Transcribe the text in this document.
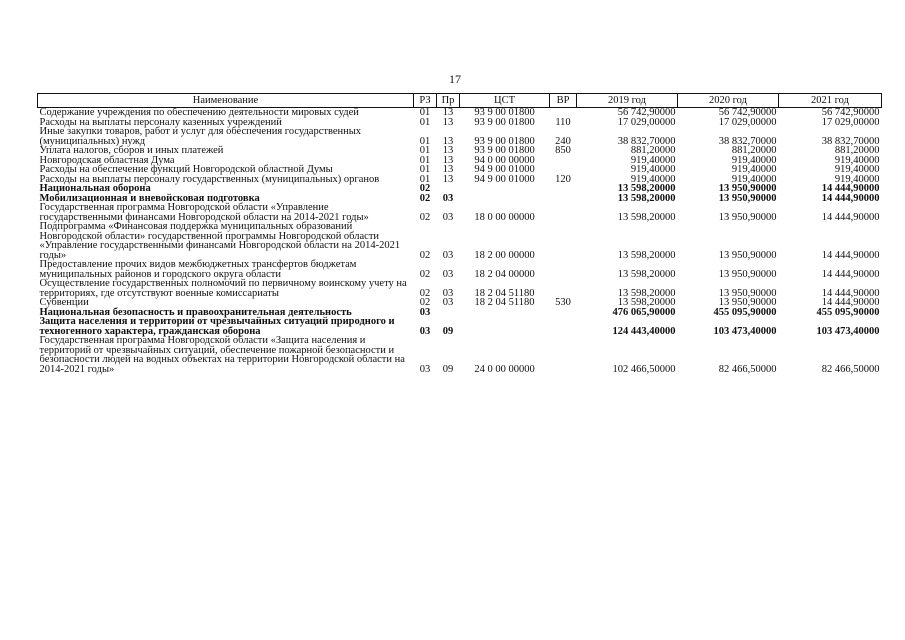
17
Наименование	РЗ	Пр	ЦСТ	ВР	2019 год	2020 год	2021 год
Содержание учреждения по обеспечению деятельности мировых судей	01	13	93 9 00 01800		56 742,90000	56 742,90000	56 742,90000
Расходы на выплаты персоналу казенных учреждений	01	13	93 9 00 01800	110	17 029,00000	17 029,00000	17 029,00000
Иные закупки товаров, работ и услуг для обеспечения государственных (муниципальных) нужд	01	13	93 9 00 01800	240	38 832,70000	38 832,70000	38 832,70000
Уплата налогов, сборов и иных платежей	01	13	93 9 00 01800	850	881,20000	881,20000	881,20000
Новгородская областная Дума	01	13	94 0 00 00000		919,40000	919,40000	919,40000
Расходы на обеспечение функций Новгородской областной Думы	01	13	94 9 00 01000		919,40000	919,40000	919,40000
Расходы на выплаты персоналу государственных (муниципальных) органов	01	13	94 9 00 01000	120	919,40000	919,40000	919,40000
Национальная оборона	02				13 598,20000	13 950,90000	14 444,90000
Мобилизационная и вневойсковая подготовка	02	03			13 598,20000	13 950,90000	14 444,90000
Государственная программа Новгородской области «Управление государственными финансами Новгородской области на 2014-2021 годы»	02	03	18 0 00 00000		13 598,20000	13 950,90000	14 444,90000
Подпрограмма «Финансовая поддержка муниципальных образований Новгородской области» государственной программы Новгородской области «Управление государственными финансами Новгородской области на 2014-2021 годы»	02	03	18 2 00 00000		13 598,20000	13 950,90000	14 444,90000
Предоставление прочих видов межбюджетных трансфертов бюджетам муниципальных районов и городского округа области	02	03	18 2 04 00000		13 598,20000	13 950,90000	14 444,90000
Осуществление государственных полномочий по первичному воинскому учету на территориях, где отсутствуют военные комиссариаты	02	03	18 2 04 51180		13 598,20000	13 950,90000	14 444,90000
Субвенции	02	03	18 2 04 51180	530	13 598,20000	13 950,90000	14 444,90000
Национальная безопасность и правоохранительная деятельность	03				476 065,90000	455 095,90000	455 095,90000
Защита населения и территории от чрезвычайных ситуаций природного и техногенного характера, гражданская оборона	03	09			124 443,40000	103 473,40000	103 473,40000
Государственная программа Новгородской области «Защита населения и территорий от чрезвычайных ситуаций, обеспечение пожарной безопасности и безопасности людей на водных объектах на территории Новгородской области на 2014-2021 годы»	03	09	24 0 00 00000		102 466,50000	82 466,50000	82 466,50000
